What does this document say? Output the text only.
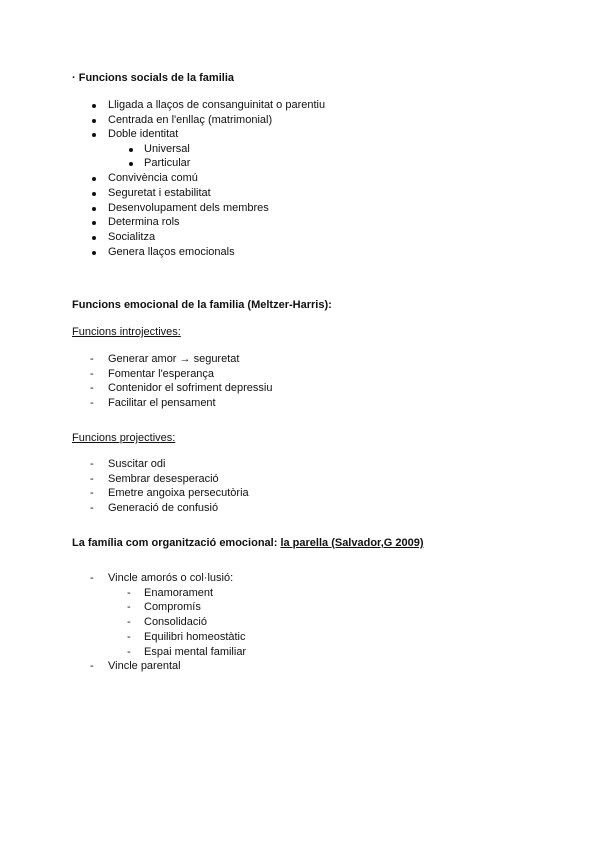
· Funcions socials de la familia
Lligada a llaços de consanguinitat o parentiu
Centrada en l'enllaç (matrimonial)
Doble identitat
Universal
Particular
Convivència comú
Seguretat i estabilitat
Desenvolupament dels membres
Determina rols
Socialitza
Genera llaços emocionals
Funcions emocional de la familia (Meltzer-Harris):
Funcions introjectives:
- Generar amor → seguretat
- Fomentar l'esperança
- Contenidor el sofriment depressiu
- Facilitar el pensament
Funcions projectives:
- Suscitar odi
- Sembrar desesperació
- Emetre angoixa persecutòria
- Generació de confusió
La família com organització emocional: la parella (Salvador,G 2009)
- Vincle amorós o col·lusió:
- Enamorament
- Compromís
- Consolidació
- Equilibri homeostàtic
- Espai mental familiar
- Vincle parental
